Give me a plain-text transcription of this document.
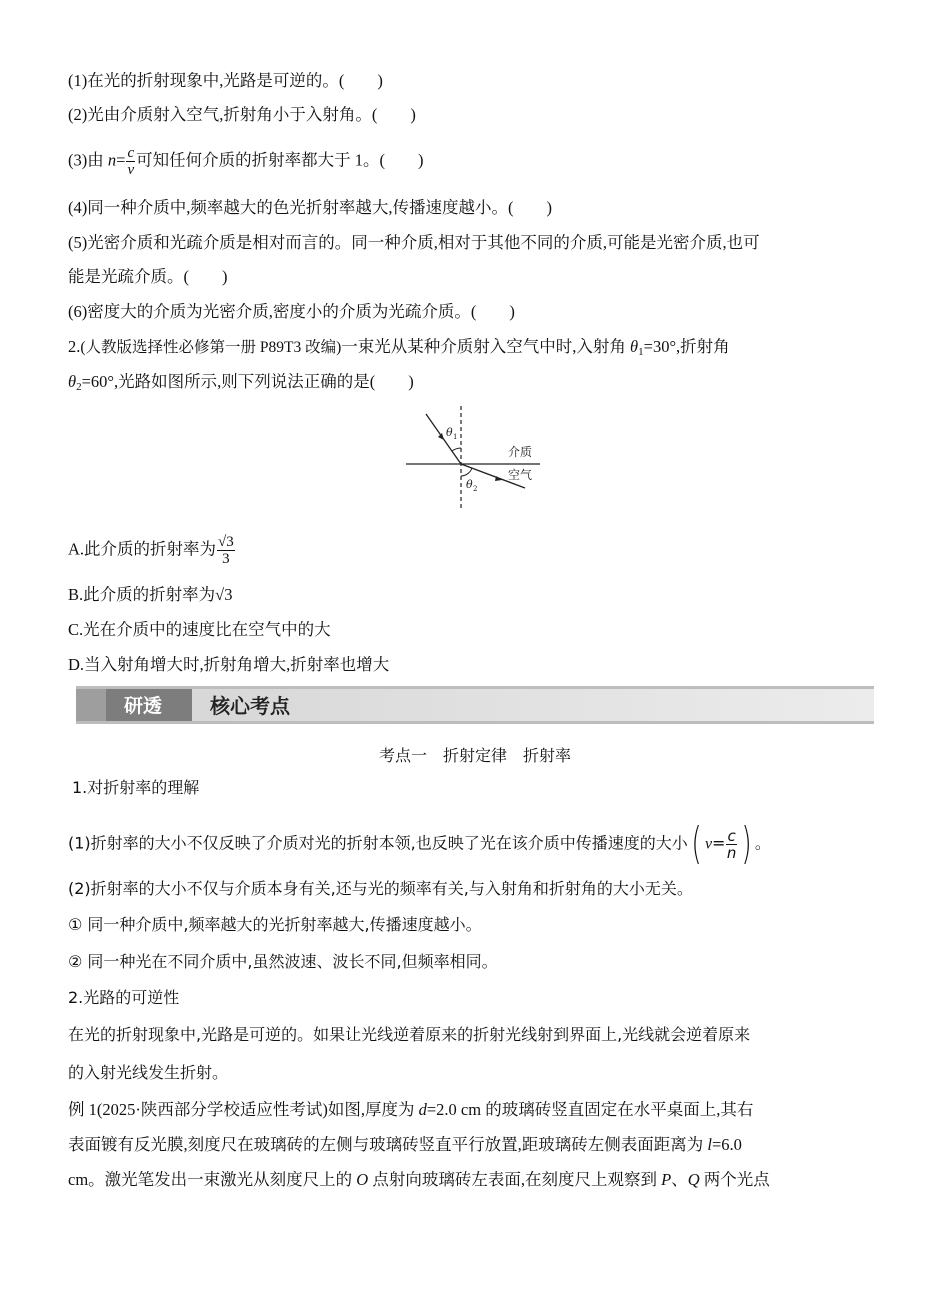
(1)在光的折射现象中,光路是可逆的。(　　)
(2)光由介质射入空气,折射角小于入射角。(　　)
(3)由 $n= \frac{c}{v}$ 可知任何介质的折射率都大于 1。(　　)
(4)同一种介质中,频率越大的色光折射率越大,传播速度越小。(　　)
(5)光密介质和光疏介质是相对而言的。同一种介质,相对于其他不同的介质,可能是光密介质,也可
能是光疏介质。(　　)
(6)密度大的介质为光密介质,密度小的介质为光疏介质。(　　)
2.(人教版选择性必修第一册 P89T3 改编)一束光从某种介质射入空气中时,入射角 $\theta_1=30^\circ$,折射角
$\theta_2=60^\circ$,光路如图所示,则下列说法正确的是(　　)
θ 1
θ 2
介质
空气
A.此介质的折射率为 $\frac{√3}{3}$
B.此介质的折射率为√3
C.光在介质中的速度比在空气中的大
D.当入射角增大时,折射角增大,折射率也增大
研透 核心考点
考点一　折射定律　折射率
1.对折射率的理解
(1)折射率的大小不仅反映了介质对光的折射本领,也反映了光在该介质中传播速度的大小( $v= \frac{c}{n}$ ) 。
(2)折射率的大小不仅与介质本身有关,还与光的频率有关,与入射角和折射角的大小无关。
① 同一种介质中,频率越大的光折射率越大,传播速度越小。
② 同一种光在不同介质中,虽然波速、波长不同,但频率相同。
2.光路的可逆性
在光的折射现象中,光路是可逆的。如果让光线逆着原来的折射光线射到界面上,光线就会逆着原来
的入射光线发生折射。
例 1(2025·陕西部分学校适应性考试)如图,厚度为 d=2.0 cm 的玻璃砖竖直固定在水平桌面上,其右
表面镀有反光膜,刻度尺在玻璃砖的左侧与玻璃砖竖直平行放置,距玻璃砖左侧表面距离为 l=6.0
cm。激光笔发出一束激光从刻度尺上的 O 点射向玻璃砖左表面,在刻度尺上观察到 P、Q 两个光点
